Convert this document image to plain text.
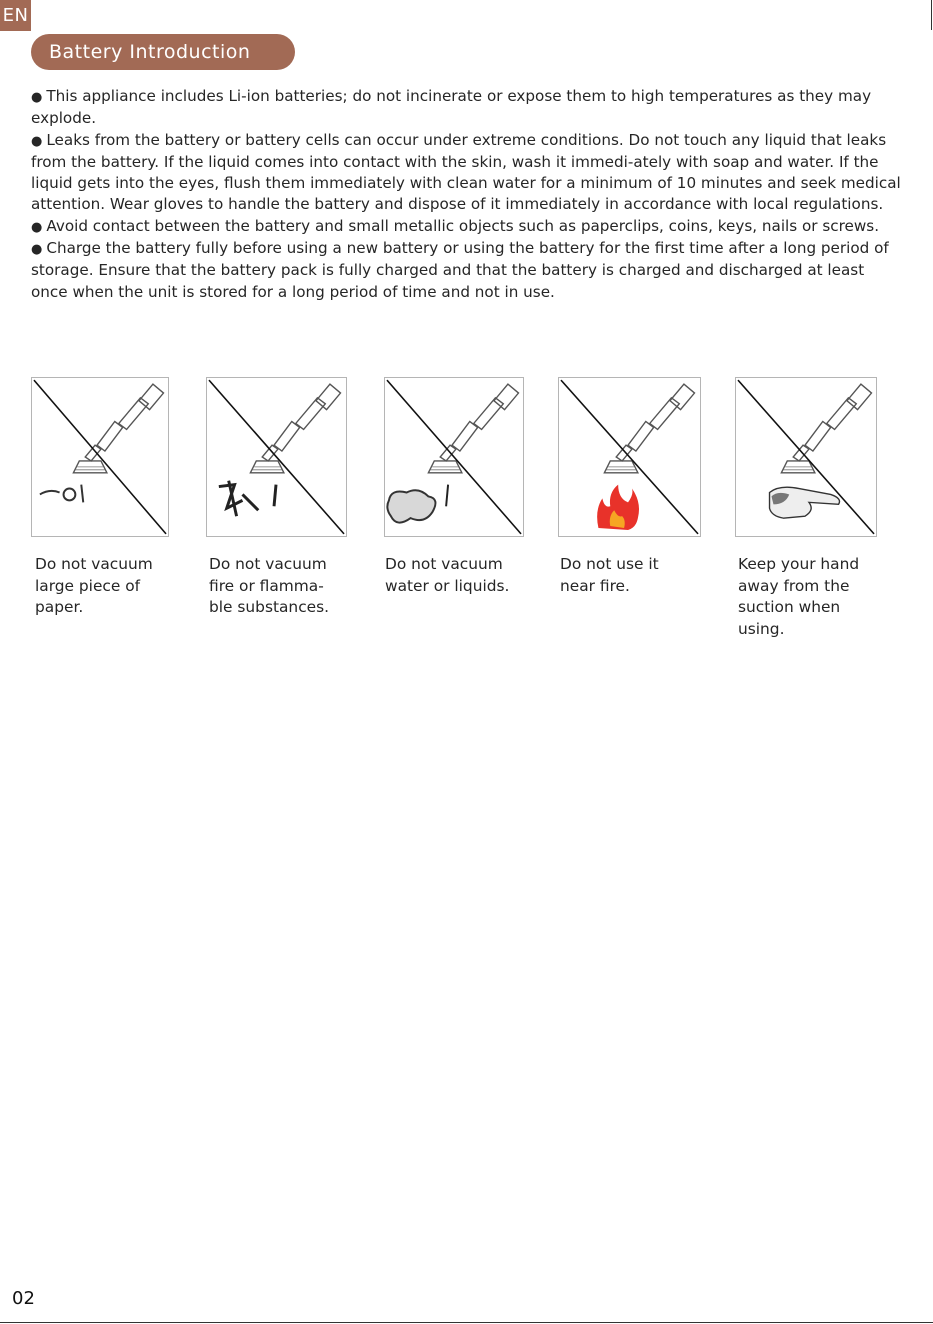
EN
Battery Introduction

● This appliance includes Li-ion batteries; do not incinerate or expose them to high temperatures as they may explode.

● Leaks from the battery or battery cells can occur under extreme conditions. Do not touch any liquid that leaks from the battery. If the liquid comes into contact with the skin, wash it immedi-ately with soap and water. If the liquid gets into the eyes, flush them immediately with clean water for a minimum of 10 minutes and seek medical attention. Wear gloves to handle the battery and dispose of it immediately in accordance with local regulations.

● Avoid contact between the battery and small metallic objects such as paperclips, coins, keys, nails or screws.

● Charge the battery fully before using a new battery or using the battery for the first time after a long period of storage. Ensure that the battery pack is fully charged and that the battery is charged and discharged at least once when the unit is stored for a long period of time and not in use.

Do not vacuum
large piece of
paper.
Do not vacuum
fire or flamma-
ble substances.
Do not vacuum
water or liquids.
Do not use it
near fire.
Keep your hand
away from the
suction when
using.
02
